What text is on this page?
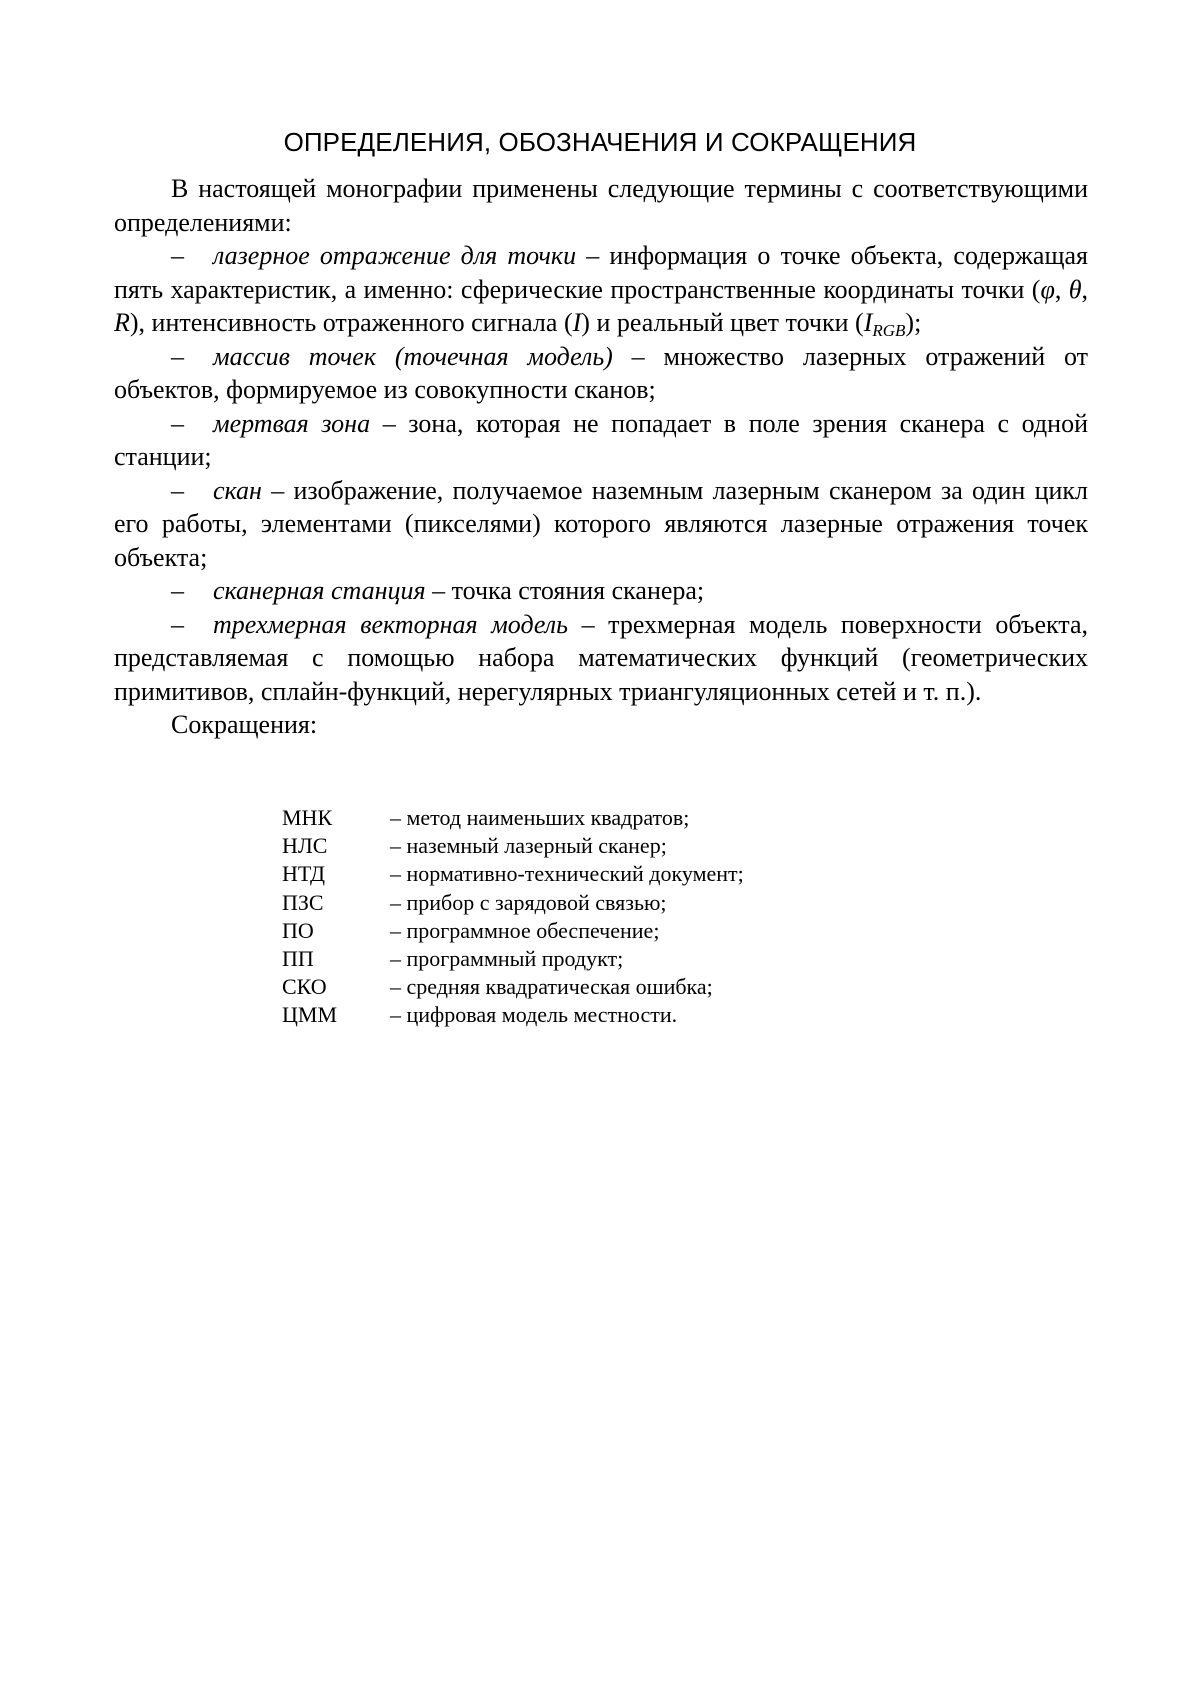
ОПРЕДЕЛЕНИЯ, ОБОЗНАЧЕНИЯ И СОКРАЩЕНИЯ

В настоящей монографии применены следующие термины с соответствующими определениями:

– лазерное отражение для точки – информация о точке объекта, содержащая пять характеристик, а именно: сферические пространственные координаты точки (φ, θ, R), интенсивность отраженного сигнала (I) и реальный цвет точки $(I_{RGB})$;

– массив точек (точечная модель) – множество лазерных отражений от объектов, формируемое из совокупности сканов;

– мертвая зона – зона, которая не попадает в поле зрения сканера с одной станции;

– скан – изображение, получаемое наземным лазерным сканером за один цикл его работы, элементами (пикселями) которого являются лазерные отражения точек объекта;

– сканерная станция – точка стояния сканера;

– трехмерная векторная модель – трехмерная модель поверхности объекта, представляемая с помощью набора математических функций (геометрических примитивов, сплайн-функций, нерегулярных триангуляционных сетей и т. п.).

Сокращения:

МНК	– метод наименьших квадратов;
НЛС	– наземный лазерный сканер;
НТД	– нормативно-технический документ;
ПЗС	– прибор с зарядовой связью;
ПО	– программное обеспечение;
ПП	– программный продукт;
СКО	– средняя квадратическая ошибка;
ЦММ	– цифровая модель местности.
